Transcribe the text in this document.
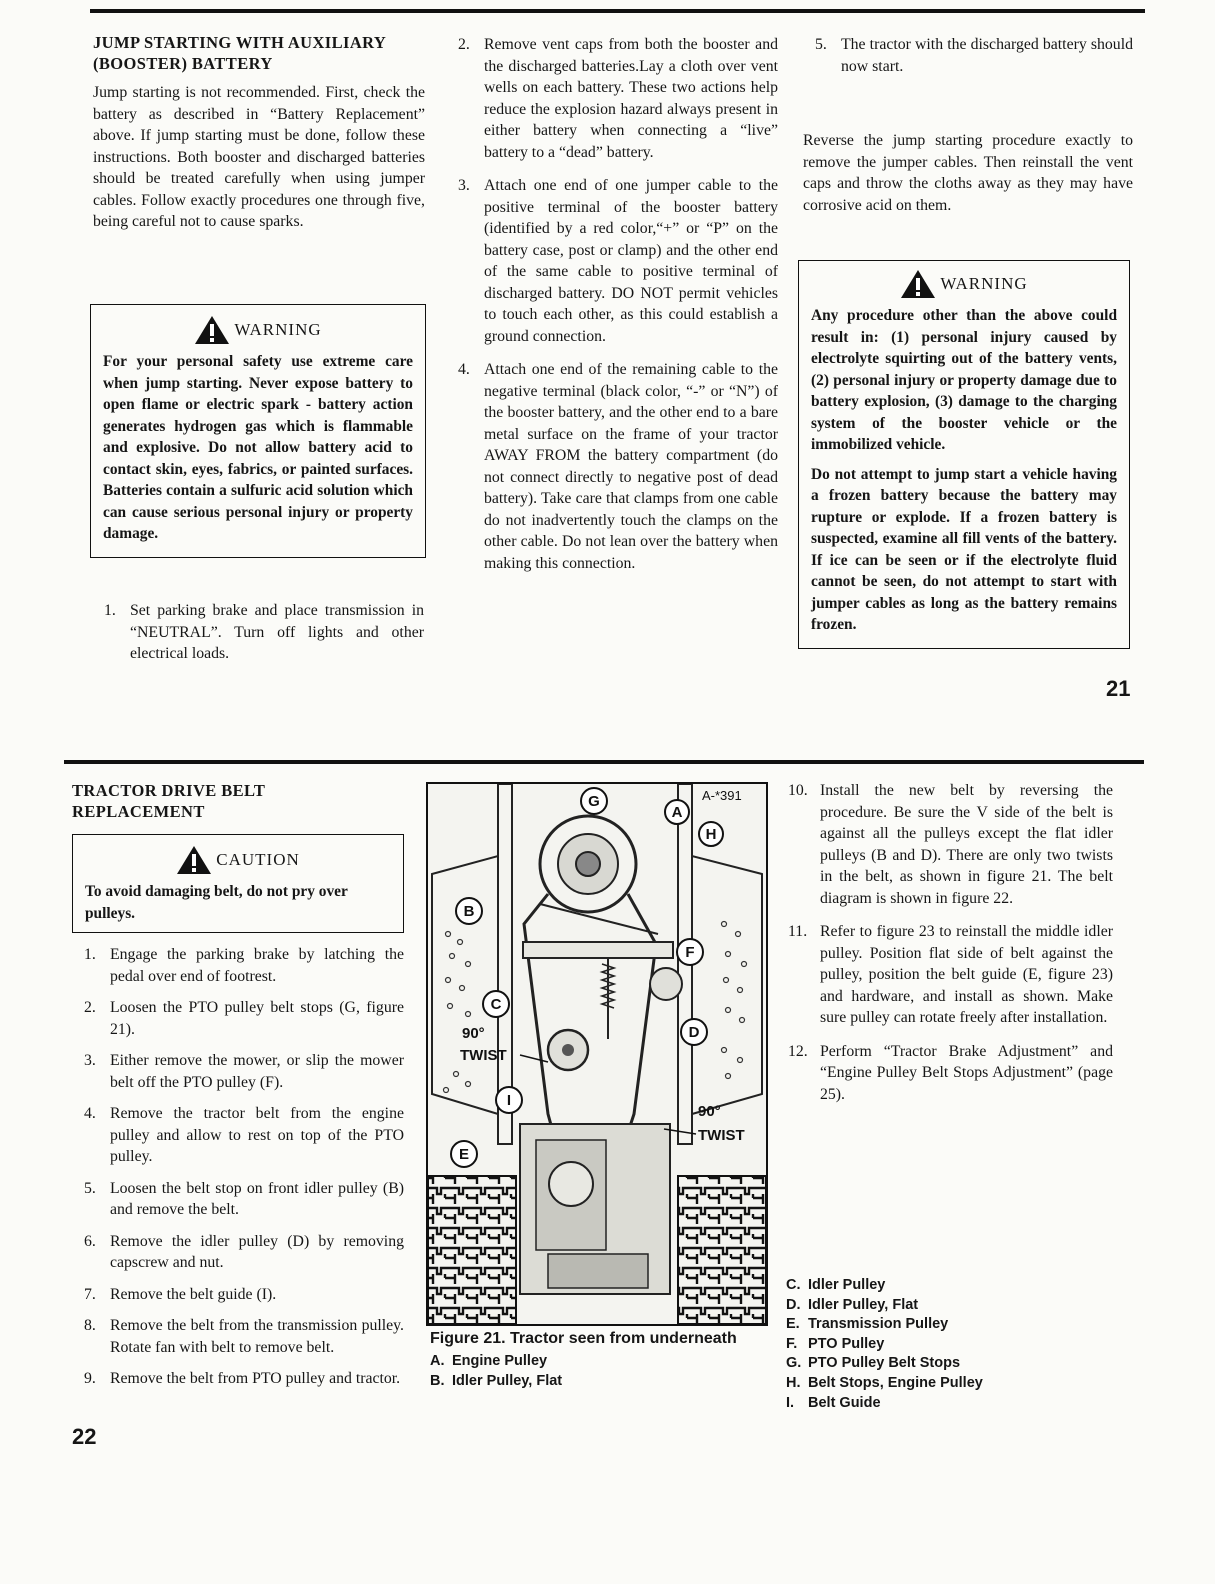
JUMP STARTING WITH AUXILIARY
(BOOSTER) BATTERY

Jump starting is not recommended. First, check the battery as described in “Battery Replacement” above. If jump starting must be done, follow these instructions. Both booster and discharged batteries should be treated carefully when using jumper cables. Follow exactly procedures one through five, being careful not to cause sparks.

WARNING

For your personal safety use extreme care when jump starting. Never expose battery to open flame or electric spark - battery action generates hydrogen gas which is flammable and explosive. Do not allow battery acid to contact skin, eyes, fabrics, or painted surfaces. Batteries contain a sulfuric acid solution which can cause serious personal injury or property damage.

1. Set parking brake and place transmission in “NEUTRAL”. Turn off lights and other electrical loads.
2. Remove vent caps from both the booster and the discharged batteries.Lay a cloth over vent wells on each battery. These two actions help reduce the explosion hazard always present in either battery when connecting a “live” battery to a “dead” battery.
3. Attach one end of one jumper cable to the positive terminal of the booster battery (identified by a red color,“+” or “P” on the battery case, post or clamp) and the other end of the same cable to positive terminal of discharged battery. DO NOT permit vehicles to touch each other, as this could establish a ground connection.
4. Attach one end of the remaining cable to the negative terminal (black color, “-” or “N”) of the booster battery, and the other end to a bare metal surface on the frame of your tractor AWAY FROM the battery compartment (do not connect directly to negative post of dead battery). Take care that clamps from one cable do not inadvertently touch the clamps on the other cable. Do not lean over the battery when making this connection.
5. The tractor with the discharged battery should now start.

Reverse the jump starting procedure exactly to remove the jumper cables. Then reinstall the vent caps and throw the cloths away as they may have corrosive acid on them.

WARNING

Any procedure other than the above could result in: (1) personal injury caused by electrolyte squirting out of the battery vents, (2) personal injury or property damage due to battery explosion, (3) damage to the charging system of the booster vehicle or the immobilized vehicle.

Do not attempt to jump start a vehicle having a frozen battery because the battery may rupture or explode. If a frozen battery is suspected, examine all fill vents of the battery. If ice can be seen or if the electrolyte fluid cannot be seen, do not attempt to start with jumper cables as long as the battery remains frozen.

21
TRACTOR DRIVE BELT
REPLACEMENT
CAUTION

To avoid damaging belt, do not pry over pulleys.

1. Engage the parking brake by latching the pedal over end of footrest.
2. Loosen the PTO pulley belt stops (G, figure 21).
3. Either remove the mower, or slip the mower belt off the PTO pulley (F).
4. Remove the tractor belt from the engine pulley and allow to rest on top of the PTO pulley.
5. Loosen the belt stop on front idler pulley (B) and remove the belt.
6. Remove the idler pulley (D) by removing capscrew and nut.
7. Remove the belt guide (I).
8. Remove the belt from the transmission pulley. Rotate fan with belt to remove belt.
9. Remove the belt from PTO pulley and tractor.
A-*391
90°
TWIST
90°
TWIST
G
A
H
B
F
C
D
I
E
Figure 21. Tractor seen from underneath
A. Engine Pulley
B. Idler Pulley, Flat
10. Install the new belt by reversing the procedure. Be sure the V side of the belt is against all the pulleys except the flat idler pulleys (B and D). There are only two twists in the belt, as shown in figure 21. The belt diagram is shown in figure 22.
11. Refer to figure 23 to reinstall the middle idler pulley. Position flat side of belt against the pulley, position the belt guide (E, figure 23) and hardware, and install as shown. Make sure pulley can rotate freely after installation.
12. Perform “Tractor Brake Adjustment” and “Engine Pulley Belt Stops Adjustment” (page 25).
C. Idler Pulley
D. Idler Pulley, Flat
E. Transmission Pulley
F. PTO Pulley
G. PTO Pulley Belt Stops
H. Belt Stops, Engine Pulley
I. Belt Guide
22
